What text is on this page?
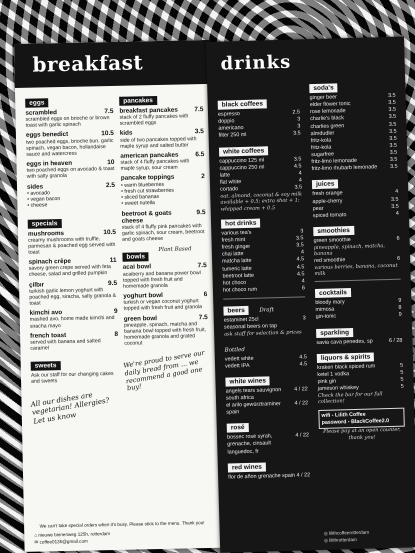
breakfast
eggs
scrambled	7.5
scrambled eggs on brioche or brown toast with garlic spinach
eggs benedict	10.5
two poached eggs, brioche bun, garlic spinach, vegan bacon, hollandaise sauce and watercress
eggs in heaven	10
two poached eggs on avocado & toast with salty granola
sides	2.5
• avocado
• vegan bacon
• cheese
specials
mushrooms	10.5
creamy mushrooms with truffle, parmesan & poached egg served with toast
spinach crêpe	11
savory green crepe served with feta cheese, salad and grilled pumpkin
çilbır	9.5
turkish garlic lemon yoghurt with poached egg, siracha, salty granola & toast
kimchi avo	9
mashed avo, home made kimchi and siracha mayo
french toast	8
served with banana and salted caramel
sweets
Ask our staff for our changing cakes and sweets
All our dishes are vegetarian! Allergies? Let us know
pancakes
breakfast pancakes	7.5
stack of 2 fluffy pancakes with scrambled eggs
kids	3.5
side of two pancakes topped with maple syrup and salted butter
american pancakes	6.5
stack of 4 fluffy pancakes with maple syrup, sour cream
pancake toppings	2
• warm blueberries
• fresh cut strawberries
• sliced bananas
• sweet nutella
beetroot & goats cheese
9.5
stack of 4 fluffy pink pancakes with garlic spinach, sour cream, beetroot and goats cheese
bowls
Plant Based
acai bowl	7.5
acaiberry and banana power bowl topped with fresh fruit and homemade granola
yoghurt bowl	6
turkish or vegan coconut yoghurt topped with fresh fruit and granola
green bowl	7.5
pineapple, spinach, matcha and banana bowl topped with fresh fruit, homemade granola and grated coconut
We're proud to serve our daily bread from ... we recommend a good one buy!
We can't take special orders when it's busy. Please stick to the menu. Thank you!
⌂ nieuwe binnenweg 125h, rotterdam
✉ coffee013h@gmail.com
drinks
black coffees
espresso	2.5
doppio	3
americano	3
filter 250 ml	3.5
white coffees
cappuccino 125 ml	3.5
cappuccino 250 ml	4.5
latte	4
flat white	4
cortado	3.5
oat, almond, coconut & soy milk available + 0.5; extra shot + 1; whipped cream + 0.5
hot drinks
various tea's	3
fresh mint	3.5
fresh ginger	3.5
chai latte	4
matcha latte	4.5
tumeric latte	4.5
beetroot latte	4.5
hot choco	4
hot choco rum	6
beers	Draft
estaminet 25cl	3
seasonal beers on tap
ask staff for selection & prices
Bottled
vedett white	4.5
vedett IPA	4.5
white wines
angels tears sauvignon south africa
4 / 22
el arilo gewürztraminer spain
4 / 22
rosé
bossec rosé syrah, grenache, cinsault languedoc, fr
4 / 22
red wines
flor de añon grenache spain 4 / 22
soda's
ginger beer	3.5
elder flower tonic	3.5
rose lemonade	3.5
charlie's black	3.5
charlies green	3.5
almdudler	3.5
fritz-kola	3.5
fritz-kola	3.5
sugarfree	3.5
fritz-limo lemonade	3.5
fritz-limo rhubarb lemonade 3.5
juices
fresh orange	4
apple-cherry	3.5
pear	3.5
spiced tomato	4
smoothies
green smoothie	6
pineapple, spinach, matcha, banana
red smoothie	6
various berries, banana, coconut milk
cocktails
bloody mary	9
mimosa	8
gin-tonic	9
sparkling
savia cava penedes, sp	6 / 28
liquors & spirits
kraken black spiced rum	5
ketel 1 vodka	5
pink gin	5
jameson whiskey	5
Check the bar for our full collection!
wifi - Lilith Coffee
password - BlackCoffee2.0
Please pay at an open counter, thank you!
◎ lilithcoffeerotterdam
◎ lilithrotterdam
